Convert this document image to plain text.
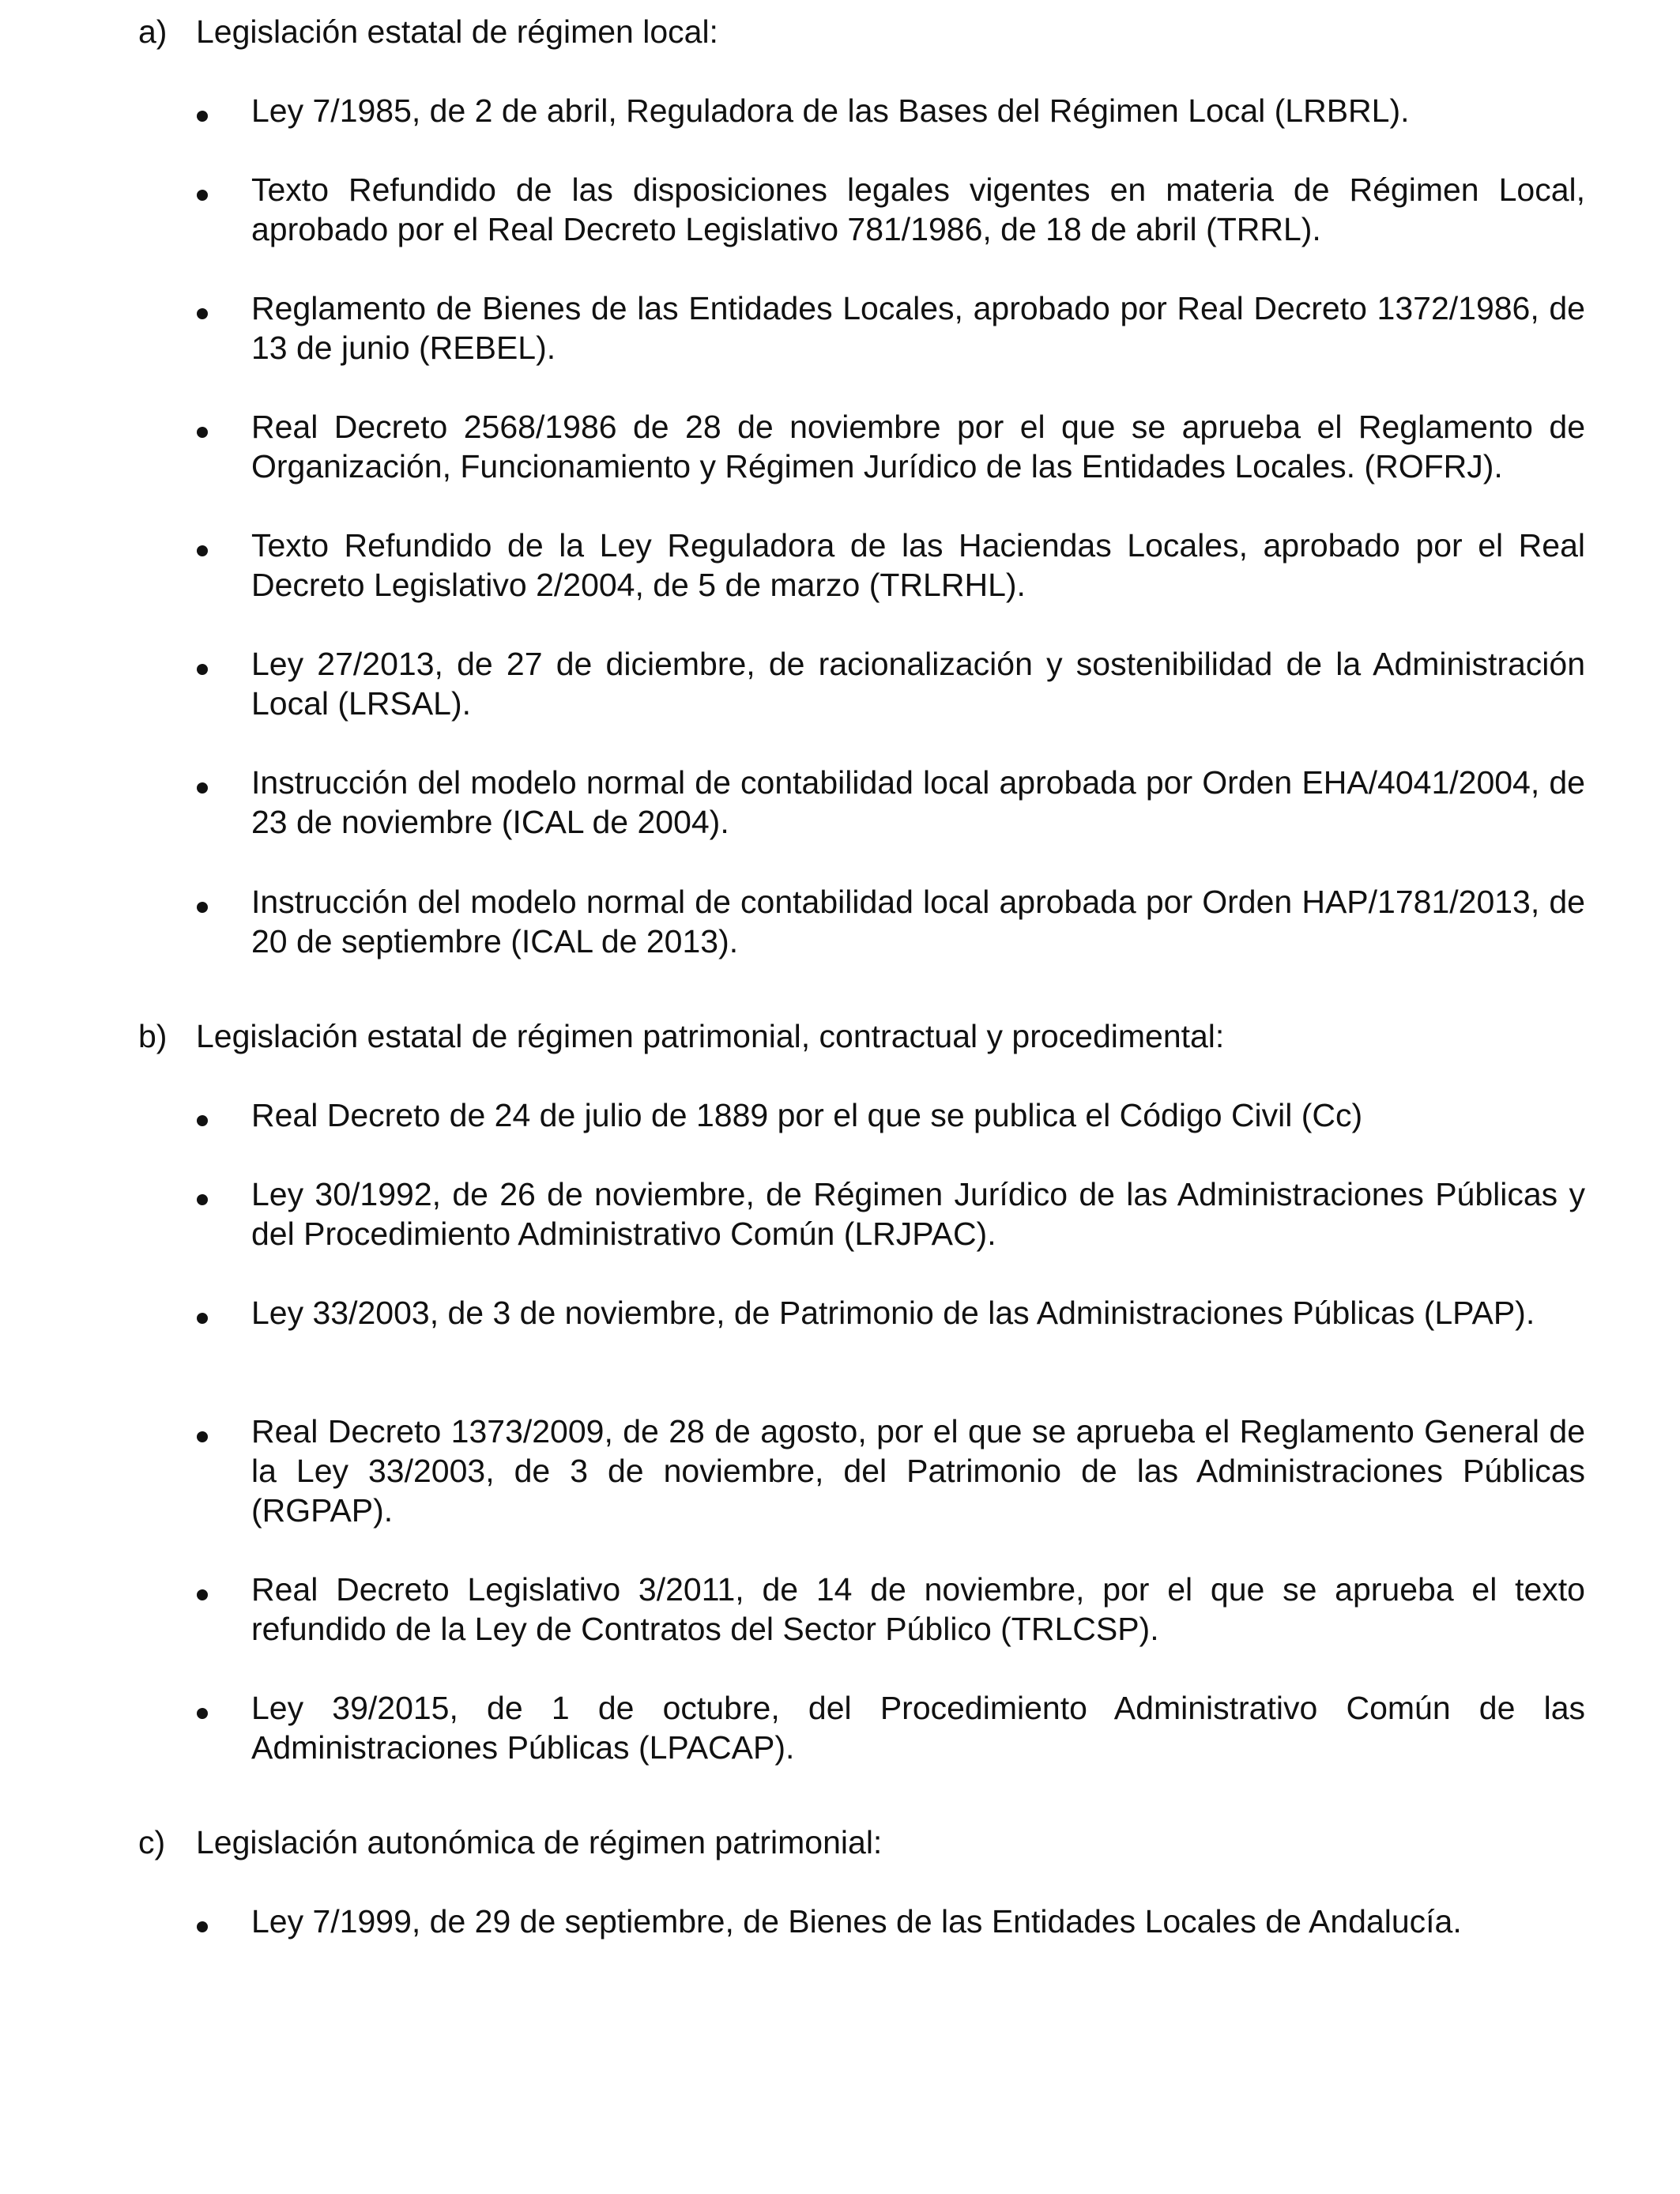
a) Legislación estatal de régimen local:
Ley 7/1985, de 2 de abril, Reguladora de las Bases del Régimen Local (LRBRL).
Texto Refundido de las disposiciones legales vigentes en materia de Régimen Local, aprobado por el Real Decreto Legislativo 781/1986, de 18 de abril (TRRL).
Reglamento de Bienes de las Entidades Locales, aprobado por Real Decreto 1372/1986, de 13 de junio (REBEL).
Real Decreto 2568/1986 de 28 de noviembre por el que se aprueba el Reglamento de Organización, Funcionamiento y Régimen Jurídico de las Entidades Locales. (ROFRJ).
Texto Refundido de la Ley Reguladora de las Haciendas Locales, aprobado por el Real Decreto Legislativo 2/2004, de 5 de marzo (TRLRHL).
Ley 27/2013, de 27 de diciembre, de racionalización y sostenibilidad de la Administración Local (LRSAL).
Instrucción del modelo normal de contabilidad local aprobada por Orden EHA/4041/2004, de 23 de noviembre (ICAL de 2004).
Instrucción del modelo normal de contabilidad local aprobada por Orden HAP/1781/2013, de 20 de septiembre (ICAL de 2013).
b) Legislación estatal de régimen patrimonial, contractual y procedimental:
Real Decreto de 24 de julio de 1889 por el que se publica el Código Civil (Cc)
Ley 30/1992, de 26 de noviembre, de Régimen Jurídico de las Administraciones Públicas y del Procedimiento Administrativo Común (LRJPAC).
Ley 33/2003, de 3 de noviembre, de Patrimonio de las Administraciones Públicas (LPAP).
Real Decreto 1373/2009, de 28 de agosto, por el que se aprueba el Reglamento General de la Ley 33/2003, de 3 de noviembre, del Patrimonio de las Administraciones Públicas (RGPAP).
Real Decreto Legislativo 3/2011, de 14 de noviembre, por el que se aprueba el texto refundido de la Ley de Contratos del Sector Público (TRLCSP).
Ley 39/2015, de 1 de octubre, del Procedimiento Administrativo Común de las Administraciones Públicas (LPACAP).
c) Legislación autonómica de régimen patrimonial:
Ley 7/1999, de 29 de septiembre, de Bienes de las Entidades Locales de Andalucía.
